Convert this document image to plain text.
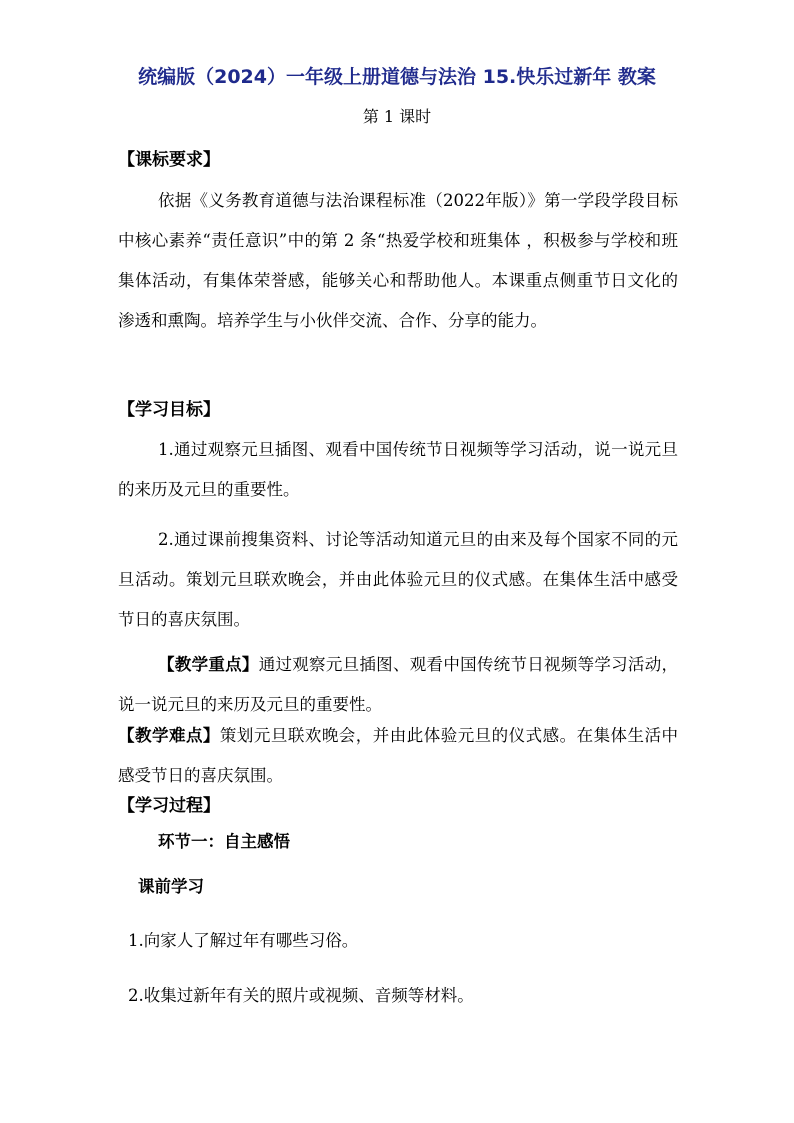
统编版（2024）一年级上册道德与法治 15.快乐过新年 教案
第 1 课时
【课标要求】
依据《义务教育道德与法治课程标准（2022年版）》第一学段学段目标中核心素养“责任意识”中的第 2 条“热爱学校和班集体 ，积极参与学校和班集体活动，有集体荣誉感，能够关心和帮助他人。本课重点侧重节日文化的渗透和熏陶。培养学生与小伙伴交流、合作、分享的能力。
【学习目标】
1.通过观察元旦插图、观看中国传统节日视频等学习活动，说一说元旦的来历及元旦的重要性。
2.通过课前搜集资料、讨论等活动知道元旦的由来及每个国家不同的元旦活动。策划元旦联欢晚会，并由此体验元旦的仪式感。在集体生活中感受节日的喜庆氛围。
【教学重点】通过观察元旦插图、观看中国传统节日视频等学习活动，说一说元旦的来历及元旦的重要性。
【教学难点】策划元旦联欢晚会，并由此体验元旦的仪式感。在集体生活中感受节日的喜庆氛围。
【学习过程】
环节一：自主感悟
课前学习
1.向家人了解过年有哪些习俗。
2.收集过新年有关的照片或视频、音频等材料。
